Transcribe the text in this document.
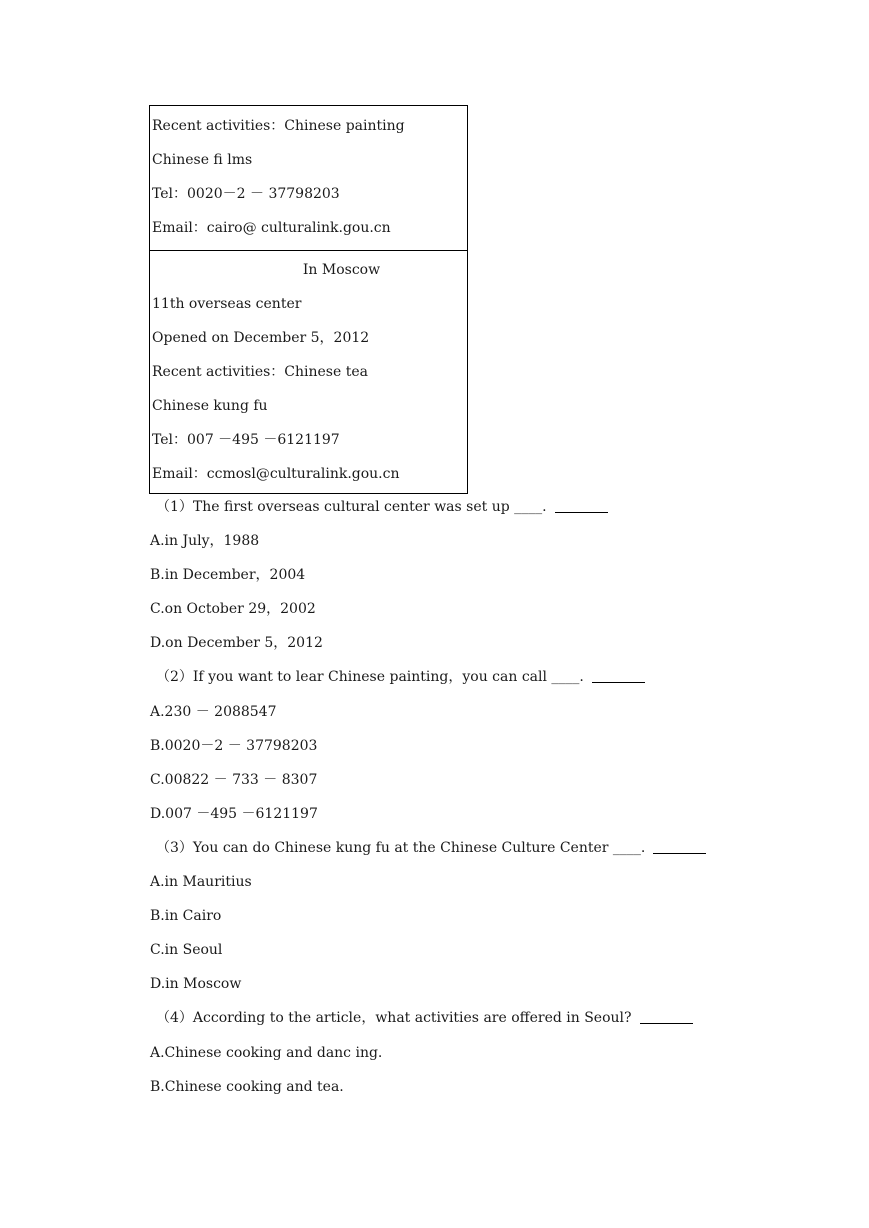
Recent activities：Chinese painting
Chinese fi lms
Tel：0020－2 － 37798203
Email：cairo@ culturalink.gou.cn
In Moscow
11th overseas center
Opened on December 5，2012
Recent activities：Chinese tea
Chinese kung fu
Tel：007 －495 －6121197
Email：ccmosl@culturalink.gou.cn
（1）The first overseas cultural center was set up ____.
A.in July，1988
B.in December，2004
C.on October 29，2002
D.on December 5，2012
（2）If you want to lear Chinese painting，you can call ____.
A.230 － 2088547
B.0020－2 － 37798203
C.00822 － 733 － 8307
D.007 －495 －6121197
（3）You can do Chinese kung fu at the Chinese Culture Center ____.
A.in Mauritius
B.in Cairo
C.in Seoul
D.in Moscow
（4）According to the article，what activities are offered in Seoul?
A.Chinese cooking and danc ing.
B.Chinese cooking and tea.
